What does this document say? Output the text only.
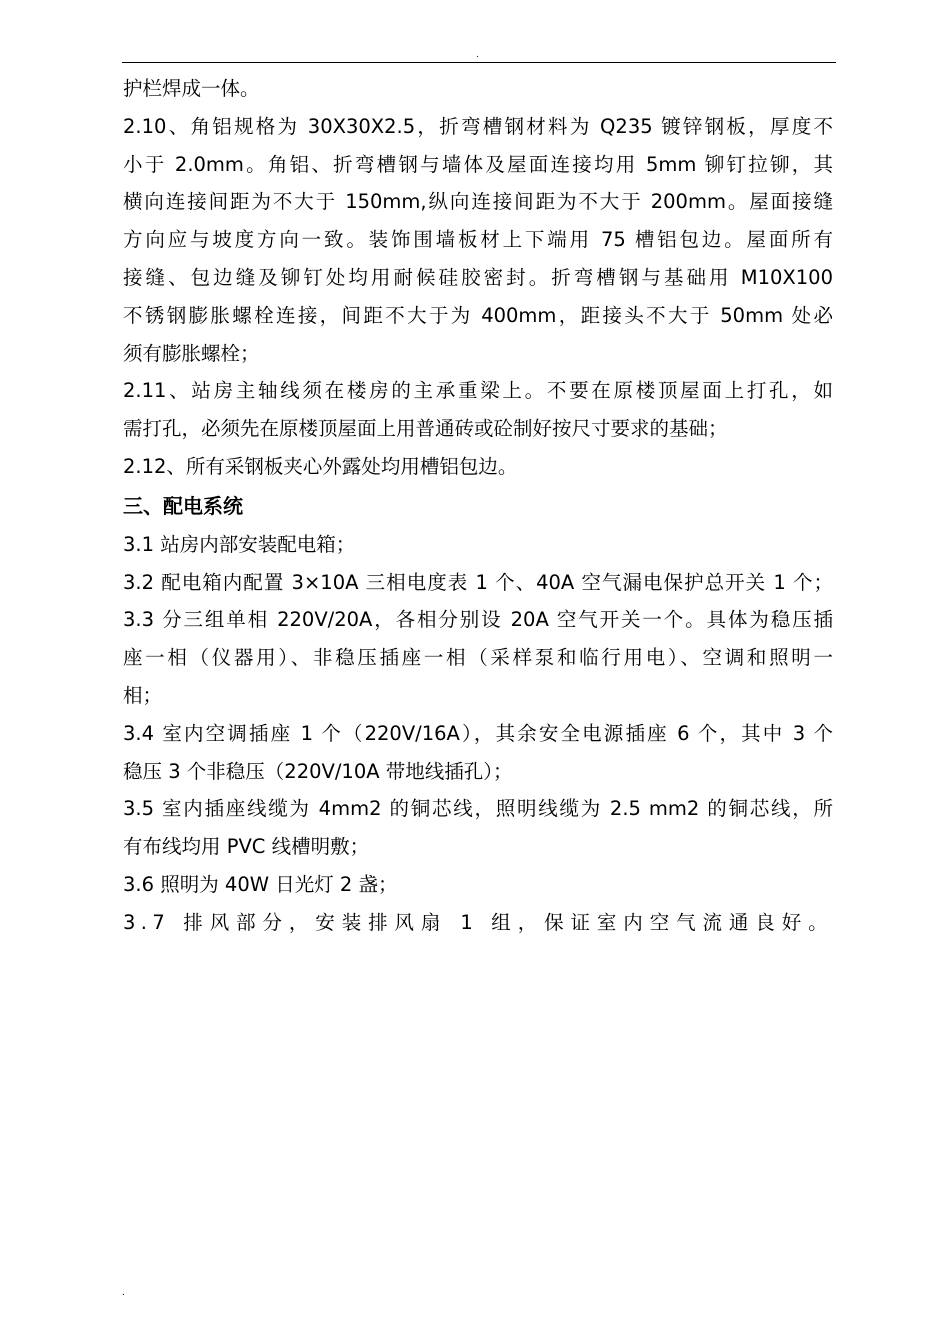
.
护栏焊成一体。
2.10、角铝规格为 30X30X2.5，折弯槽钢材料为 Q235 镀锌钢板，厚度不
小于 2.0mm。角铝、折弯槽钢与墙体及屋面连接均用 5mm 铆钉拉铆，其
横向连接间距为不大于 150mm,纵向连接间距为不大于 200mm。屋面接缝
方向应与坡度方向一致。装饰围墙板材上下端用 75 槽铝包边。屋面所有
接缝、包边缝及铆钉处均用耐候硅胶密封。折弯槽钢与基础用 M10X100
不锈钢膨胀螺栓连接，间距不大于为 400mm，距接头不大于 50mm 处必
须有膨胀螺栓；
2.11、站房主轴线须在楼房的主承重梁上。不要在原楼顶屋面上打孔，如
需打孔，必须先在原楼顶屋面上用普通砖或砼制好按尺寸要求的基础；
2.12、所有采钢板夹心外露处均用槽铝包边。
三、配电系统
3.1 站房内部安装配电箱；
3.2 配电箱内配置 3×10A 三相电度表 1 个、40A 空气漏电保护总开关 1 个；
3.3 分三组单相 220V/20A，各相分别设 20A 空气开关一个。具体为稳压插
座一相（仪器用）、非稳压插座一相（采样泵和临行用电）、空调和照明一
相；
3.4 室内空调插座 1 个（220V/16A），其余安全电源插座 6 个，其中 3 个
稳压 3 个非稳压（220V/10A 带地线插孔）；
3.5 室内插座线缆为 4mm2 的铜芯线，照明线缆为 2.5 mm2 的铜芯线，所
有布线均用 PVC 线槽明敷；
3.6 照明为 40W 日光灯 2 盏；
3.7 排风部分，安装排风扇 1 组，保证室内空气流通良好。
.
